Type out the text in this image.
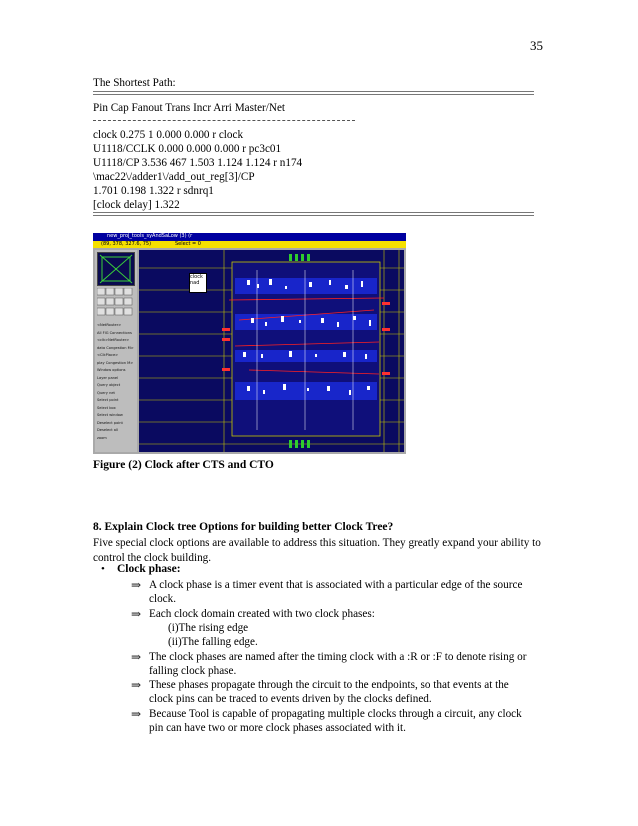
35
The Shortest Path:
Pin Cap Fanout Trans Incr Arri Master/Net
clock 0.275 1 0.000 0.000 r clock
U1118/CCLK 0.000 0.000 0.000 r pc3c01
U1118/CP 3.536 467 1.503 1.124 1.124 r n174
\mac22\/adder1\/add_out_reg[3]/CP
1.701 0.198 1.322 r sdnrq1
[clock delay] 1.322
new_proj_tools_syAndSaLow (3) (r
(89, 378, 327.6, 75)	Select = 0
<NetRouter>
All FIG Connections
<clk>NetRouter>
data Congestion M>
<ClkPlace>
play Congestion M>
Window options
Layer panel
Query object
Query net
Select point
Select box
Select window
Deselect point
Deselect all
zoom
clock
nad
Figure (2) Clock after CTS and CTO
8. Explain Clock tree Options for building better Clock Tree?
Five special clock options are available to address this situation. They greatly expand your ability to control the clock building.
• Clock phase:
⇒ A clock phase is a timer event that is associated with a particular edge of the source clock.
⇒ Each clock domain created with two clock phases:
(i)The rising edge
(ii)The falling edge.
⇒ The clock phases are named after the timing clock with a :R or :F to denote rising or falling clock phase.
⇒ These phases propagate through the circuit to the endpoints, so that events at the clock pins can be traced to events driven by the clocks defined.
⇒ Because Tool is capable of propagating multiple clocks through a circuit, any clock pin can have two or more clock phases associated with it.
